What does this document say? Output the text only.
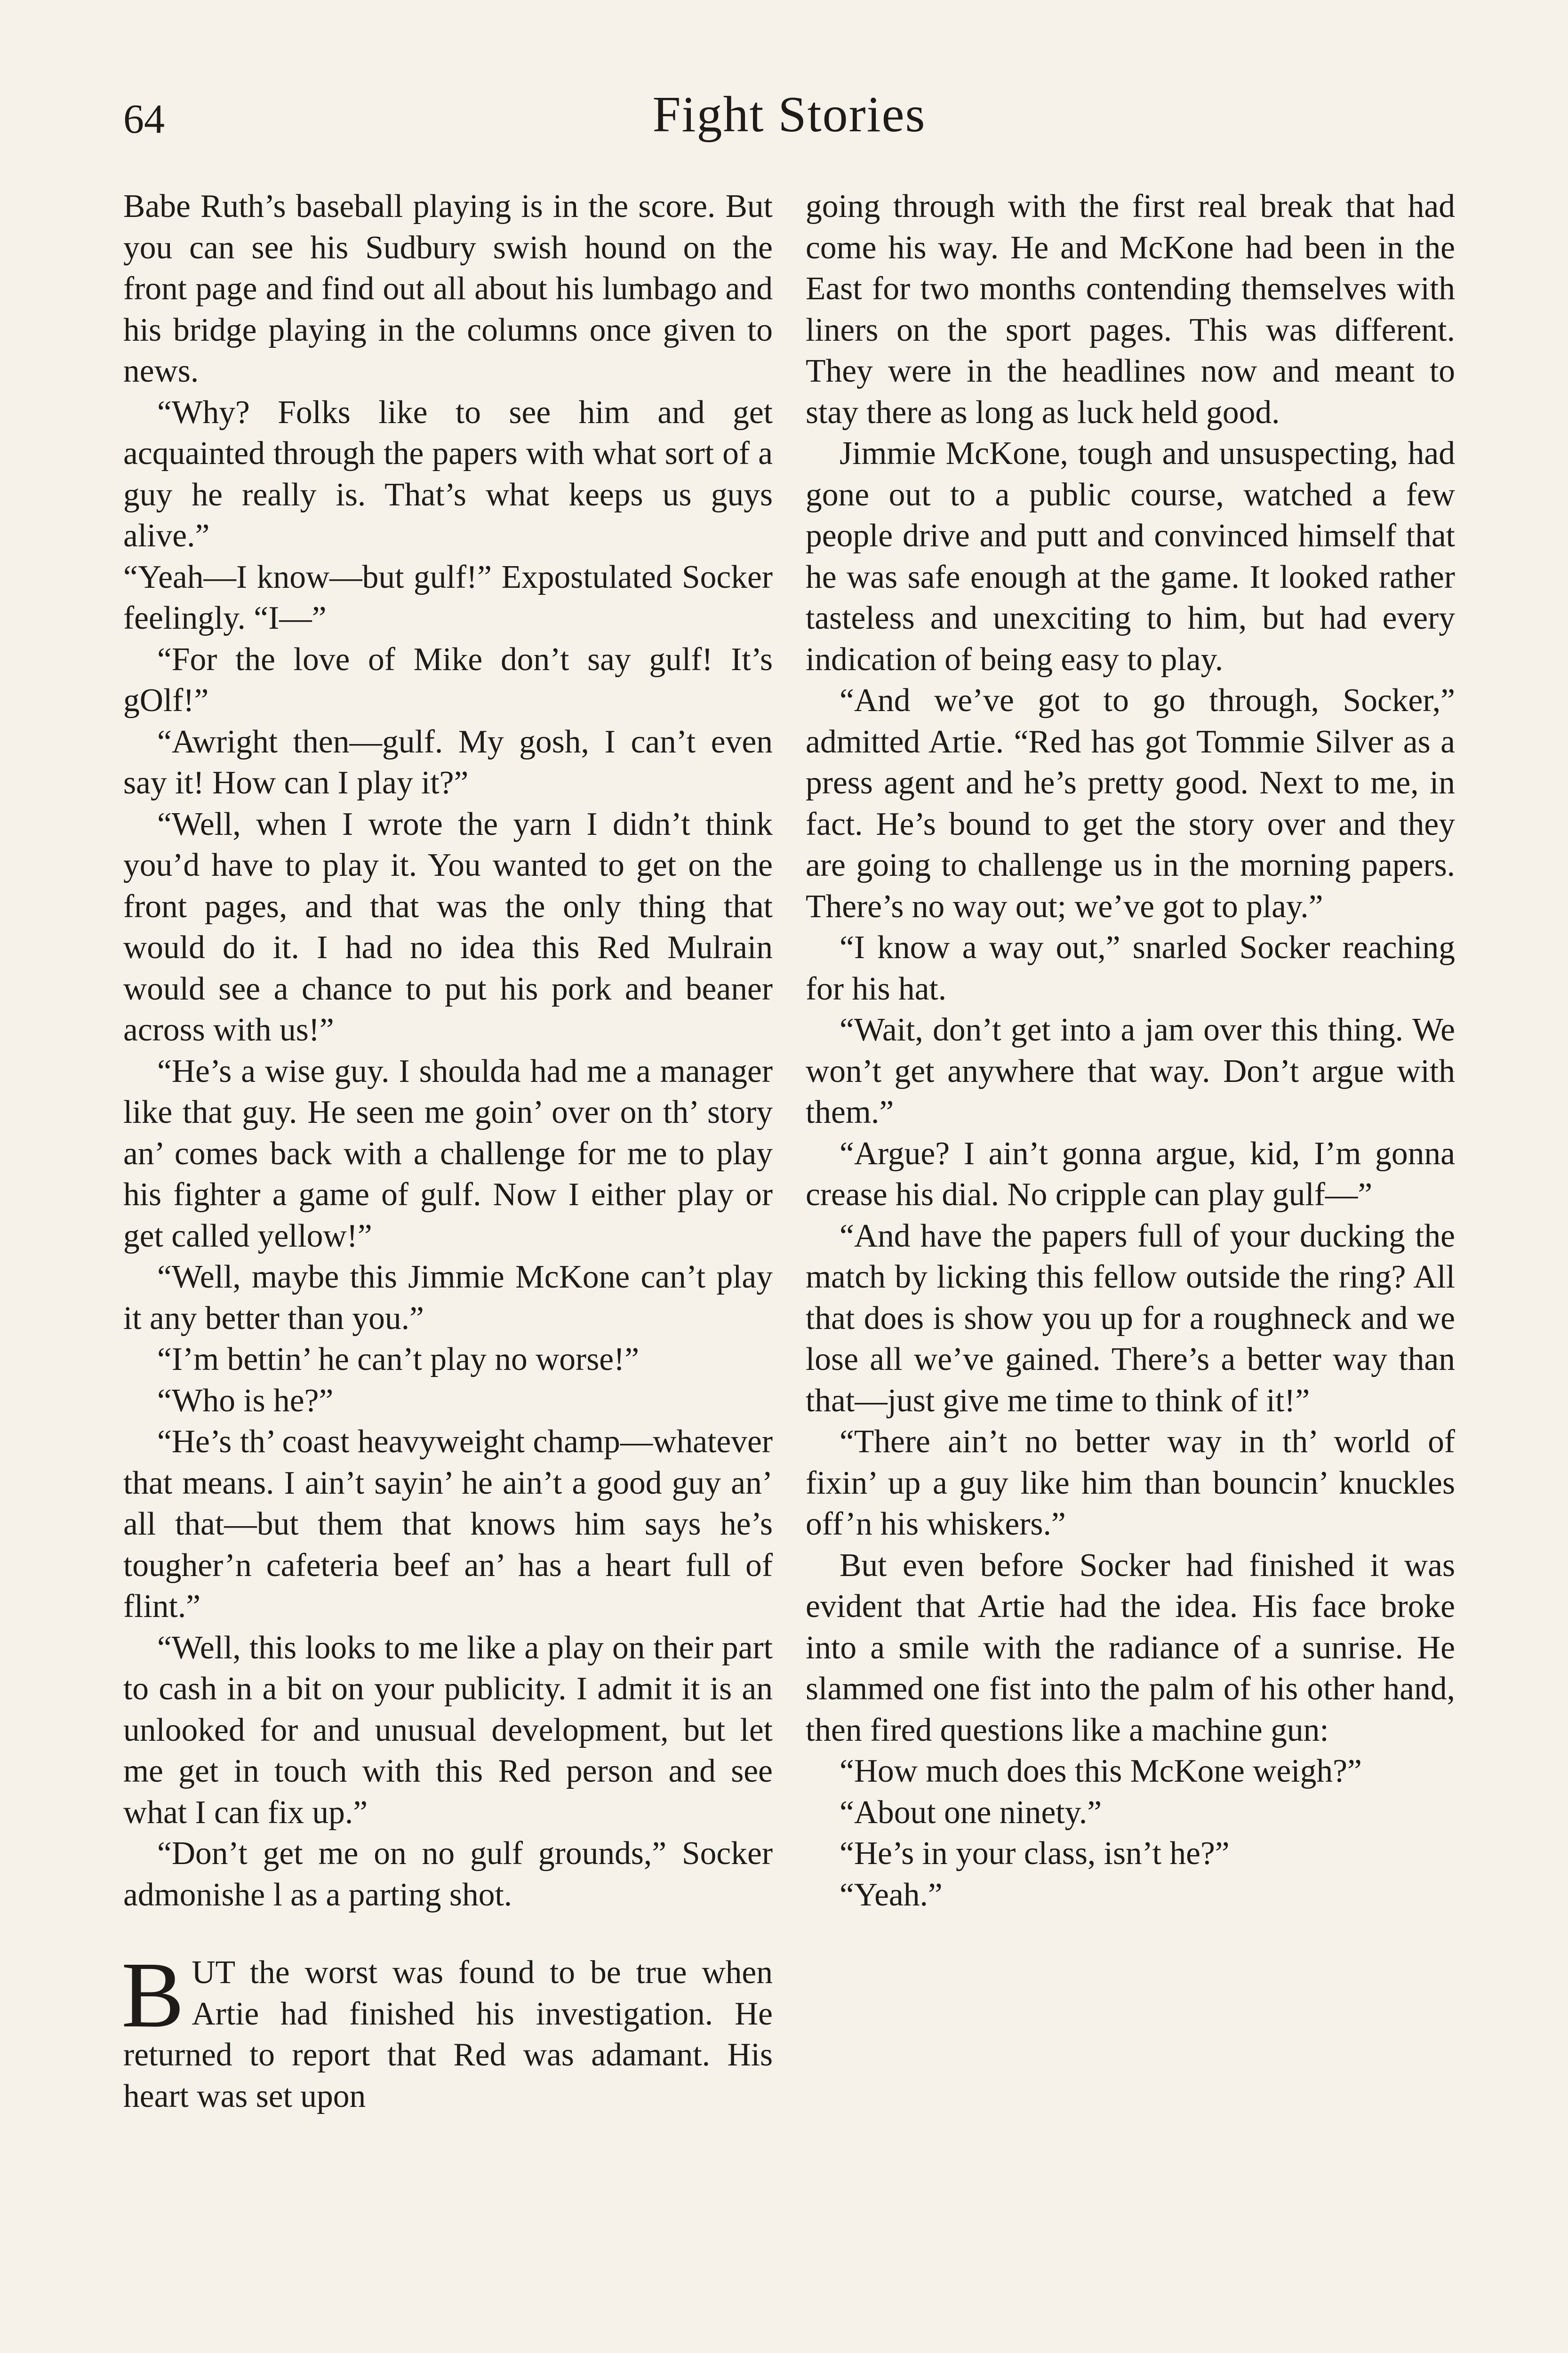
64	Fight Stories

Babe Ruth’s baseball playing is in the score. But you can see his Sudbury swish hound on the front page and find out all about his lumbago and his bridge playing in the columns once given to news.

“Why? Folks like to see him and get acquainted through the papers with what sort of a guy he really is. That’s what keeps us guys alive.”

“Yeah—I know—but gulf!” Expostulated Socker feelingly. “I—”

“For the love of Mike don’t say gulf! It’s gOlf!”

“Awright then—gulf. My gosh, I can’t even say it! How can I play it?”

“Well, when I wrote the yarn I didn’t think you’d have to play it. You wanted to get on the front pages, and that was the only thing that would do it. I had no idea this Red Mulrain would see a chance to put his pork and beaner across with us!”

“He’s a wise guy. I shoulda had me a manager like that guy. He seen me goin’ over on th’ story an’ comes back with a challenge for me to play his fighter a game of gulf. Now I either play or get called yellow!”

“Well, maybe this Jimmie McKone can’t play it any better than you.”

“I’m bettin’ he can’t play no worse!”

“Who is he?”

“He’s th’ coast heavyweight champ—whatever that means. I ain’t sayin’ he ain’t a good guy an’ all that—but them that knows him says he’s tougher’n cafeteria beef an’ has a heart full of flint.”

“Well, this looks to me like a play on their part to cash in a bit on your publicity. I admit it is an unlooked for and unusual development, but let me get in touch with this Red person and see what I can fix up.”

“Don’t get me on no gulf grounds,” Socker admonishe l as a parting shot.

BUT the worst was found to be true when Artie had finished his investigation. He returned to report that Red was adamant. His heart was set upon

going through with the first real break that had come his way. He and McKone had been in the East for two months contending themselves with liners on the sport pages. This was different. They were in the headlines now and meant to stay there as long as luck held good.

Jimmie McKone, tough and unsuspecting, had gone out to a public course, watched a few people drive and putt and convinced himself that he was safe enough at the game. It looked rather tasteless and unexciting to him, but had every indication of being easy to play.

“And we’ve got to go through, Socker,” admitted Artie. “Red has got Tommie Silver as a press agent and he’s pretty good. Next to me, in fact. He’s bound to get the story over and they are going to challenge us in the morning papers. There’s no way out; we’ve got to play.”

“I know a way out,” snarled Socker reaching for his hat.

“Wait, don’t get into a jam over this thing. We won’t get anywhere that way. Don’t argue with them.”

“Argue? I ain’t gonna argue, kid, I’m gonna crease his dial. No cripple can play gulf—”

“And have the papers full of your ducking the match by licking this fellow outside the ring? All that does is show you up for a roughneck and we lose all we’ve gained. There’s a better way than that—just give me time to think of it!”

“There ain’t no better way in th’ world of fixin’ up a guy like him than bouncin’ knuckles off’n his whiskers.”

But even before Socker had finished it was evident that Artie had the idea. His face broke into a smile with the radiance of a sunrise. He slammed one fist into the palm of his other hand, then fired questions like a machine gun:

“How much does this McKone weigh?”

“About one ninety.”

“He’s in your class, isn’t he?”

“Yeah.”
